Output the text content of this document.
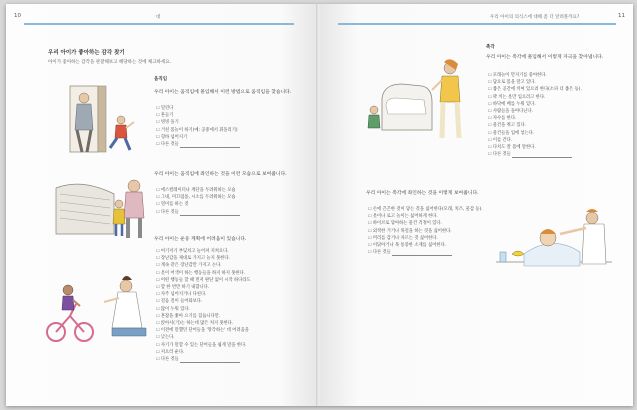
10	대
우리 아이가 좋아하는 감각 찾기
아이가 좋아하는 감각을 관찰해보고 해당하는 것에 체크하세요.
움직임
우리 아이는 움직임에 몰입해서 이런 방법으로 움직임을 찾습니다.
☐ 밀린다
☐ 흔들기
☐ 빙빙 돌기
☐ 거친 몸놀이 하기(예: 공중에서 휘돌리기)
☐ 형바 넘어지기
☐ 다른 것들
우리 아이는 움직임에 좌인하는 것을 이런 모습으로 보여줍니다.
☐ 에스컬레이터나 계단을 두려워하는 모습
☐ 그네, 미끄럼틀, 시소를 두려워하는 모습
☐ 멀미를 하는 것
☐ 다른 것들
우리 아이는 운동 계획에 어려움이 있습니다.
☐ 여기저기 부딪치고 늘어져 지쳐요다.
☐ 장난감을 제대로 가지고 놀지 못한다.
☐ 계속 같은 장난감만 가지고 논다.
☐ 옷이 어색이 하는 행동들을 하지 하지 못한다.
☐ 어떤 행동들 할 때 먼저 판단 없이 시작 하다라도
☐ 할 한 번만 하기 내합니다.
☐ 자주 넘어지거나 다친다.
☐ 걸음 걸이 들어와보다.
☐ 많이 누워 있다.
☐ 혼잡을 쫓아 요기를 힘듭니다만.
☐ 앉아서(거)는 하는데 많은 처지 못한다.
☐ 이전에 말했던 단어들을 '망각하는' 데 어려움을
☐ 낮는다.
☐ 자기가 말할 수 있는 단어들을 쉽게 말을 한다.
☐ 저으러 운다.
☐ 다른 것들
우리 아이의 의식스에 대해 좀 더 알려볼까요?	11
촉각
우리 아이는 촉각에 몰입해서 이렇게 자극을 찾아냅니다.
☐ 모래놀이 만지기를 좋아한다.
☐ 담요로 몸을 말고 있다.
☐ 좁은 공간에 끼여 있으려 한다(소파 더 좁은 등).
☐ 꽉 끼는 옷만 입으려고 한다.
☐ 바닥에 배를 누워 있다.
☐ 사람들을 돌아다닌다.
☐ 자수를 한다.
☐ 물건을 쥐고 있다.
☐ 물건들을 입에 넣는다.
☐ 이를 간다.
☐ 다치도 잘 몸에 말한다.
☐ 다른 것들
우리 아이는 촉각에 좌인하는 것을 이렇게 보여줍니다.
☐ 손에 끈끈한 것이 닿는 것을 싫어한다(모래, 치즈, 물감 등).
☐ 옷이나 로고 놀이는 싫어하게 한다.
☐ 하이브로 닿아하는 물건 걱정이 있다.
☐ 외적한 거거나 목걸을 하는 것을 싫어한다.
☐ 머리를 감거나 자르는 것 싫어한다.
☐ 이닦아거나 목 통증한 소재를 싫어한다.
☐ 다른 것들
